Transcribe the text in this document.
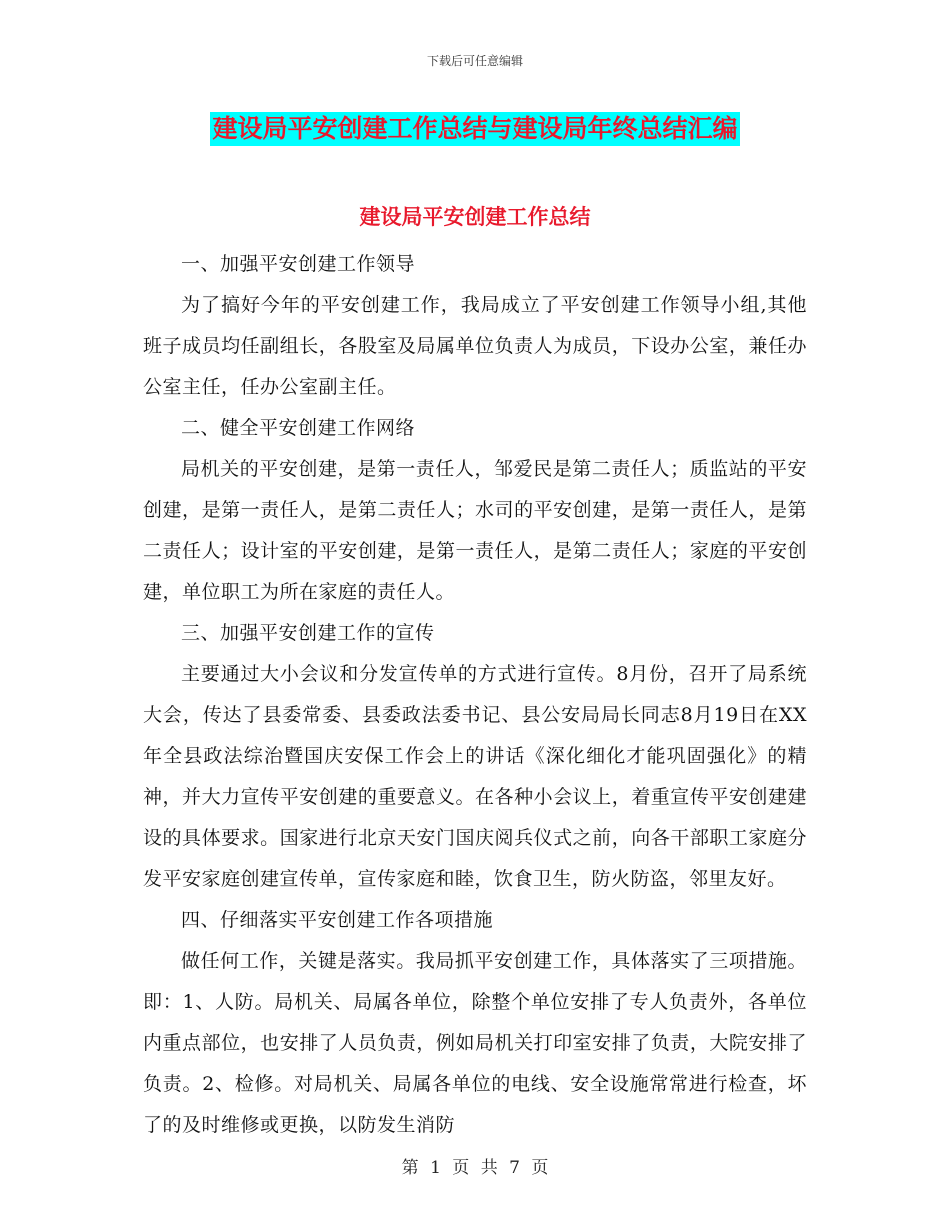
下载后可任意编辑
建设局平安创建工作总结与建设局年终总结汇编
建设局平安创建工作总结

一、加强平安创建工作领导

为了搞好今年的平安创建工作，我局成立了平安创建工作领导小组,其他班子成员均任副组长，各股室及局属单位负责人为成员，下设办公室，兼任办公室主任，任办公室副主任。

二、健全平安创建工作网络

局机关的平安创建，是第一责任人，邹爱民是第二责任人；质监站的平安创建，是第一责任人，是第二责任人；水司的平安创建，是第一责任人，是第二责任人；设计室的平安创建，是第一责任人，是第二责任人；家庭的平安创建，单位职工为所在家庭的责任人。

三、加强平安创建工作的宣传

主要通过大小会议和分发宣传单的方式进行宣传。8月份，召开了局系统大会，传达了县委常委、县委政法委书记、县公安局局长同志8月19日在XX年全县政法综治暨国庆安保工作会上的讲话《深化细化才能巩固强化》的精神，并大力宣传平安创建的重要意义。在各种小会议上，着重宣传平安创建建设的具体要求。国家进行北京天安门国庆阅兵仪式之前，向各干部职工家庭分发平安家庭创建宣传单，宣传家庭和睦，饮食卫生，防火防盗，邻里友好。

四、仔细落实平安创建工作各项措施

做任何工作，关键是落实。我局抓平安创建工作，具体落实了三项措施。即：1、人防。局机关、局属各单位，除整个单位安排了专人负责外，各单位内重点部位，也安排了人员负责，例如局机关打印室安排了负责，大院安排了负责。2、检修。对局机关、局属各单位的电线、安全设施常常进行检查，坏了的及时维修或更换，以防发生消防

第 1 页 共 7 页
